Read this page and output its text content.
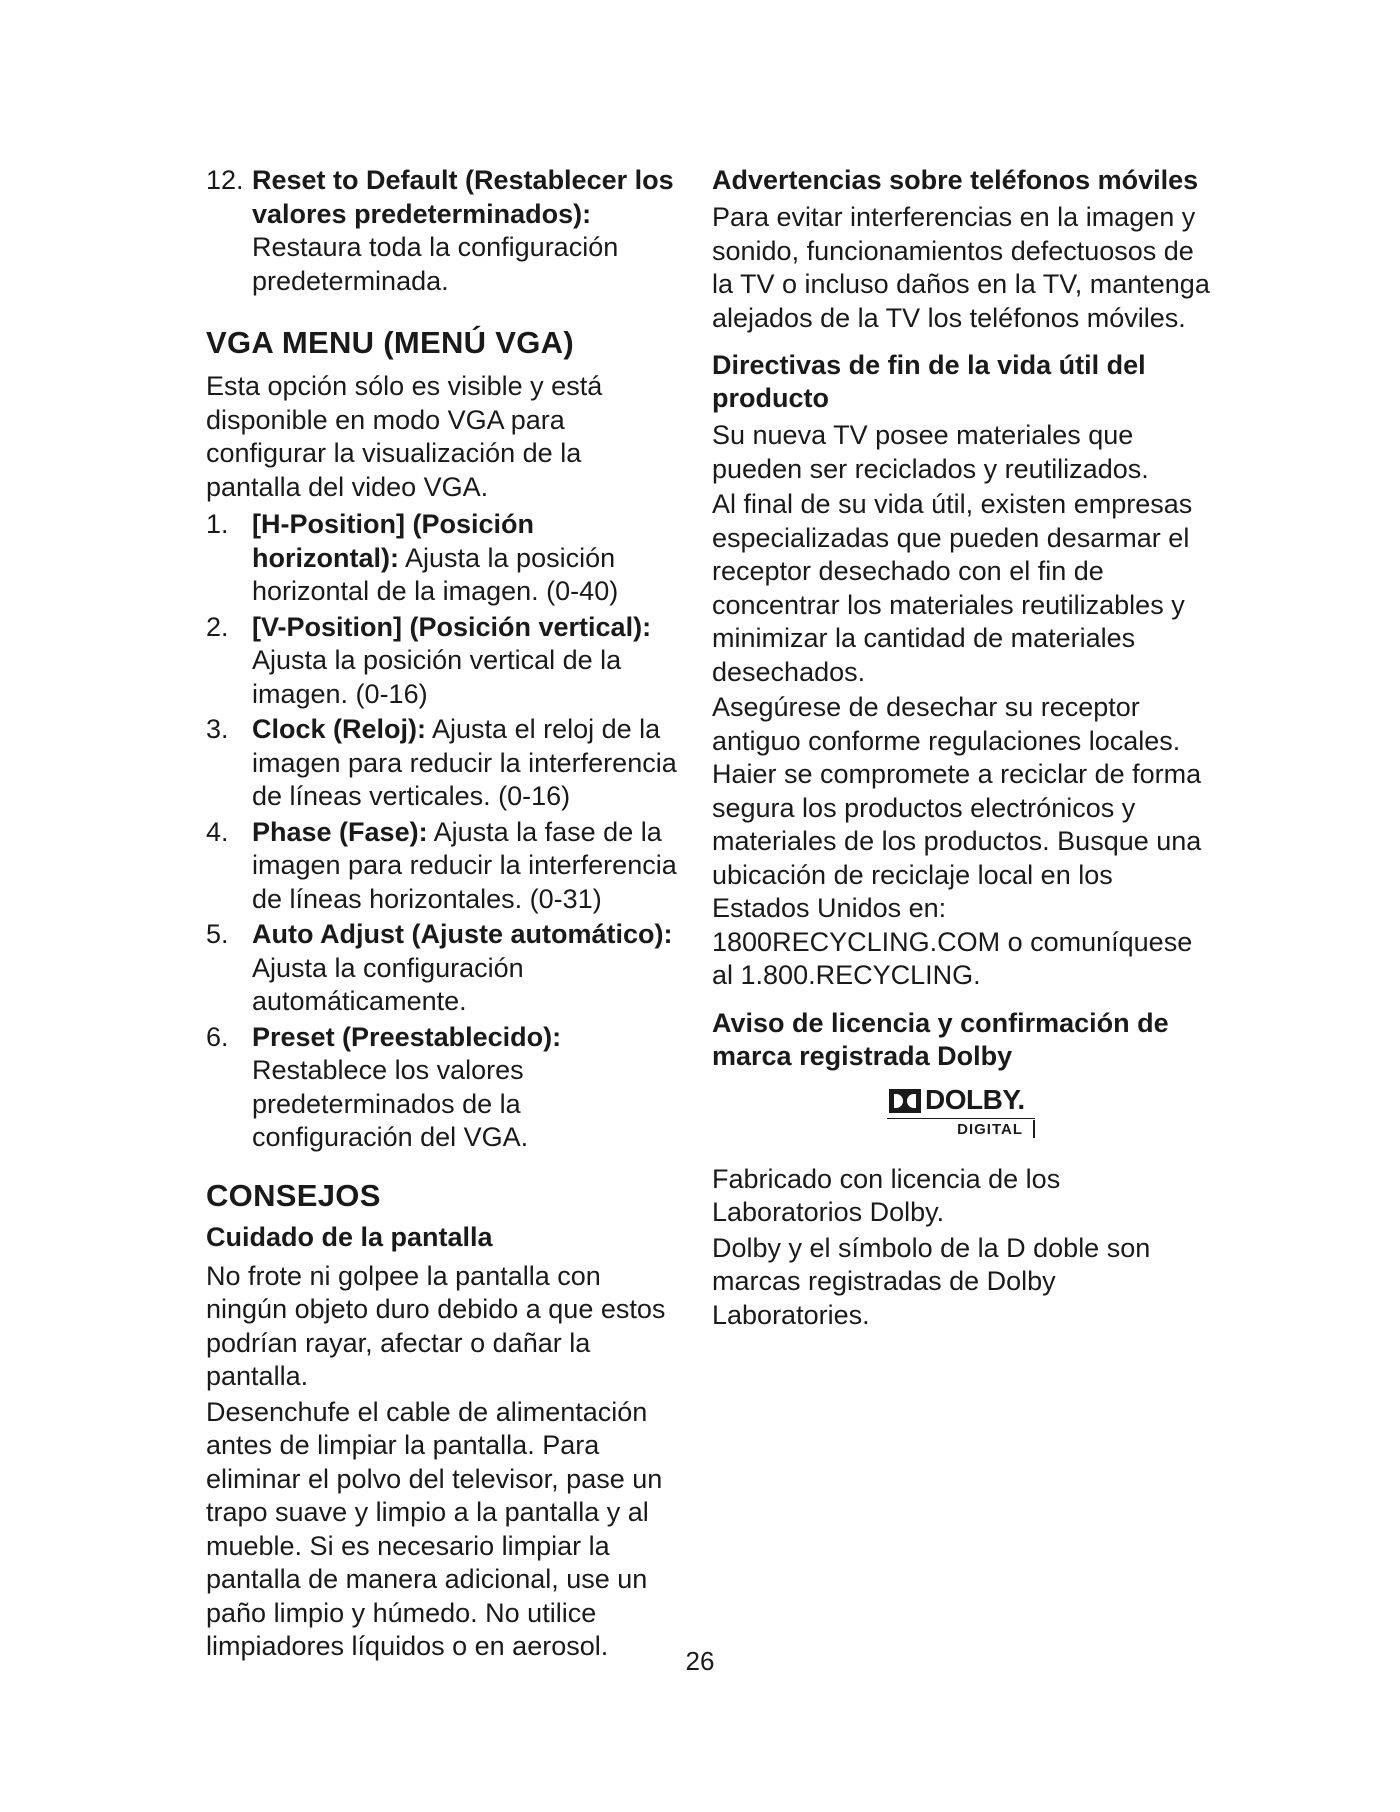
12. Reset to Default (Restablecer los valores predeterminados):

Restaura toda la configuración predeterminada.

VGA MENU (MENÚ VGA)

Esta opción sólo es visible y está disponible en modo VGA para configurar la visualización de la pantalla del video VGA.

1. [H-Position] (Posición horizontal): Ajusta la posición horizontal de la imagen. (0-40)

2. [V-Position] (Posición vertical): Ajusta la posición vertical de la imagen. (0-16)

3. Clock (Reloj): Ajusta el reloj de la imagen para reducir la interferencia de líneas verticales. (0-16)

4. Phase (Fase): Ajusta la fase de la imagen para reducir la interferencia de líneas horizontales. (0-31)

5. Auto Adjust (Ajuste automático): Ajusta la configuración automáticamente.

6. Preset (Preestablecido): Restablece los valores predeterminados de la configuración del VGA.

CONSEJOS
Cuidado de la pantalla

No frote ni golpee la pantalla con ningún objeto duro debido a que estos podrían rayar, afectar o dañar la pantalla.

Desenchufe el cable de alimentación antes de limpiar la pantalla. Para eliminar el polvo del televisor, pase un trapo suave y limpio a la pantalla y al mueble. Si es necesario limpiar la pantalla de manera adicional, use un paño limpio y húmedo. No utilice limpiadores líquidos o en aerosol.

Advertencias sobre teléfonos móviles

Para evitar interferencias en la imagen y sonido, funcionamientos defectuosos de la TV o incluso daños en la TV, mantenga alejados de la TV los teléfonos móviles.

Directivas de fin de la vida útil del producto

Su nueva TV posee materiales que pueden ser reciclados y reutilizados.

Al final de su vida útil, existen empresas especializadas que pueden desarmar el receptor desechado con el fin de concentrar los materiales reutilizables y minimizar la cantidad de materiales desechados.

Asegúrese de desechar su receptor antiguo conforme regulaciones locales. Haier se compromete a reciclar de forma segura los productos electrónicos y materiales de los productos. Busque una ubicación de reciclaje local en los Estados Unidos en: 1800RECYCLING.COM o comuníquese al 1.800.RECYCLING.

Aviso de licencia y confirmación de marca registrada Dolby
DOLBY.
DIGITAL

Fabricado con licencia de los Laboratorios Dolby.

Dolby y el símbolo de la D doble son marcas registradas de Dolby Laboratories.

26
